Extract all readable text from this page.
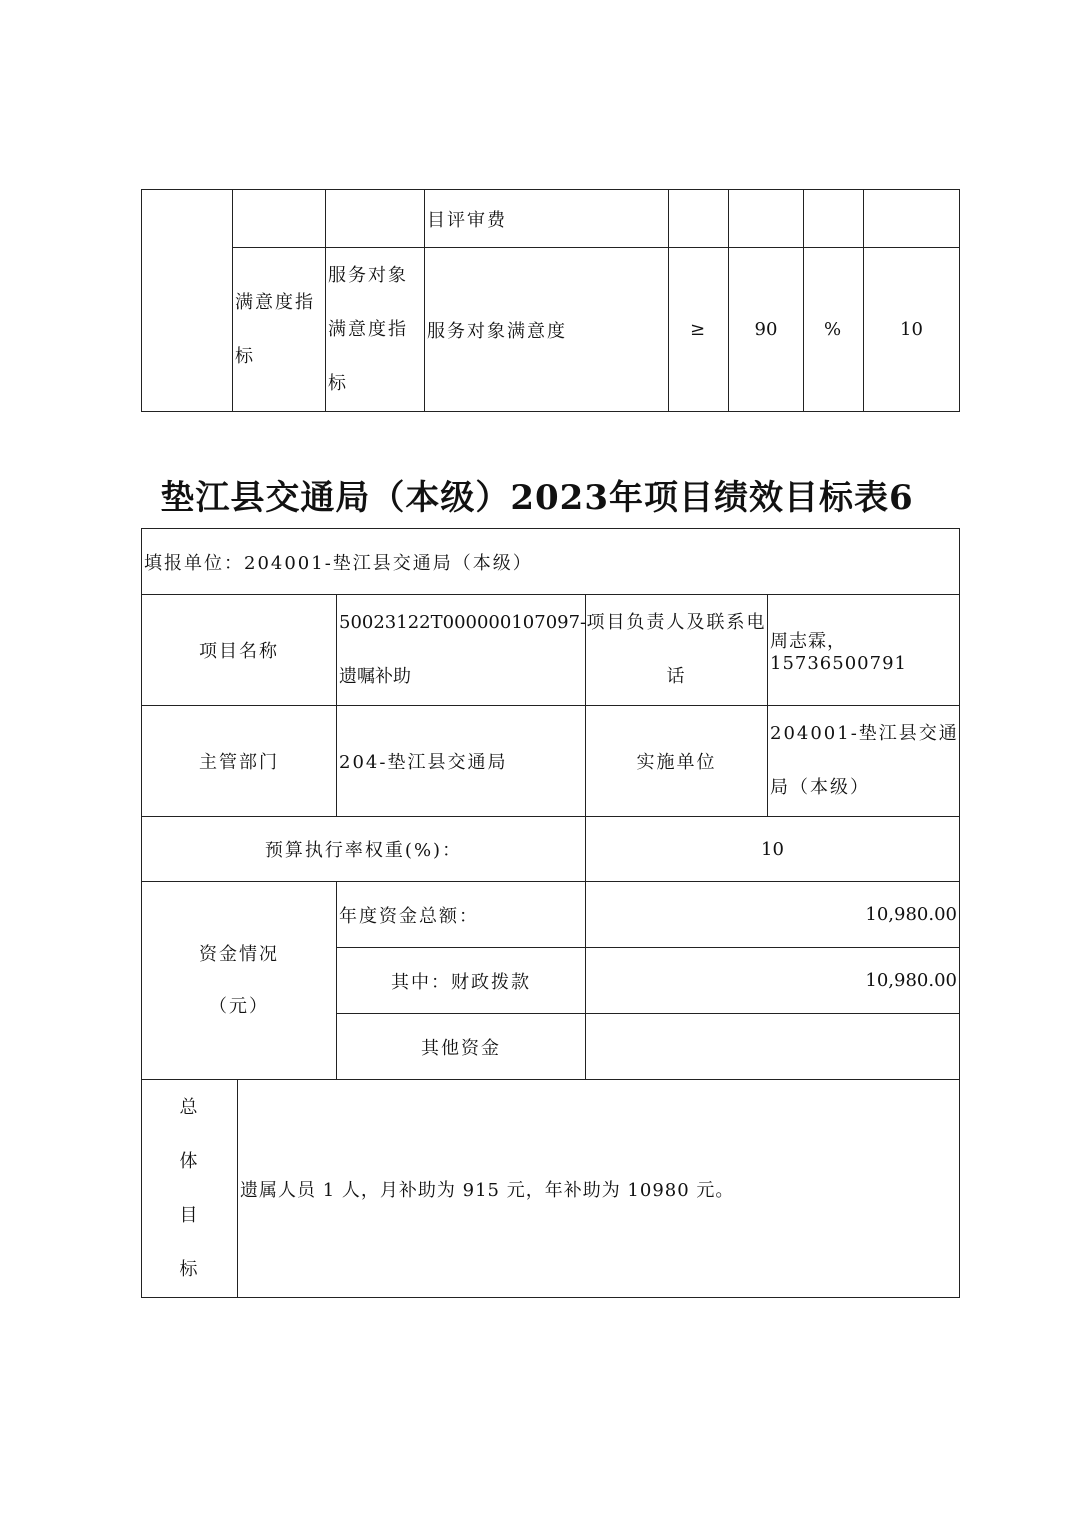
			目评审费				
	满意度指标	服务对象满意度指标	服务对象满意度	≥	90	%	10
垫江县交通局（本级）2023年项目绩效目标表6
填报单位：204001-垫江县交通局（本级）				
项目名称		50023122T000000107097-遗嘱补助	项目负责人及联系电话	周志霖，15736500791
主管部门		204-垫江县交通局	实施单位	204001-垫江县交通局（本级）
预算执行率权重(%)：			10	
资金情况（元）		年度资金总额：	10,980.00	
		其中：财政拨款	10,980.00	
		其他资金		
总体目标	遗属人员 1 人，月补助为 915 元，年补助为 10980 元。			
